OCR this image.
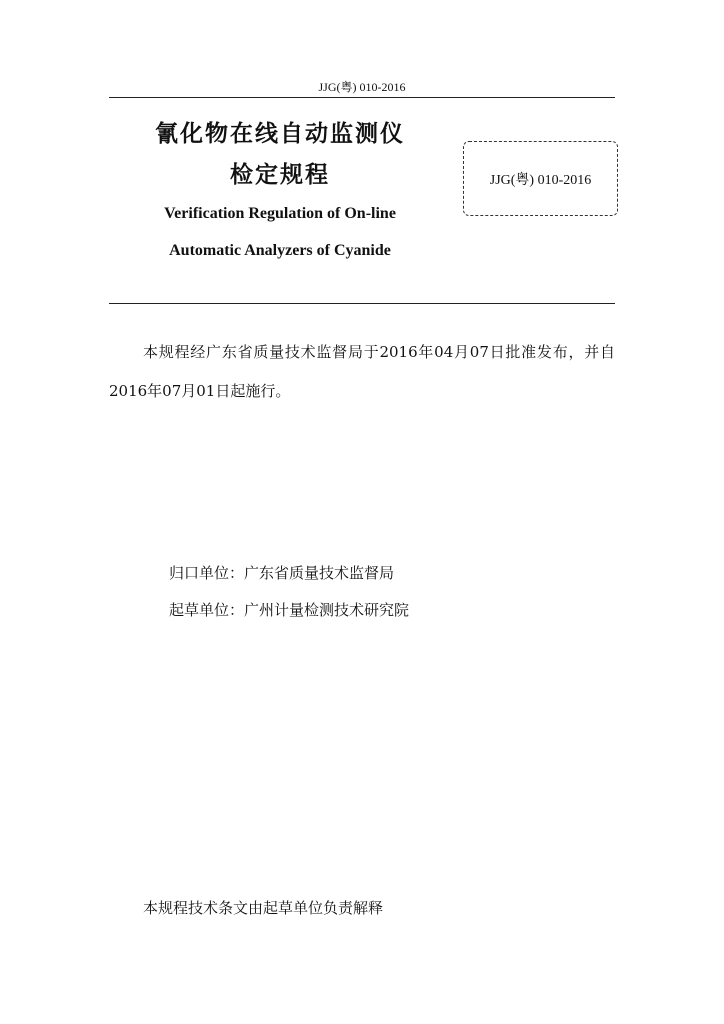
JJG(粤) 010-2016
氰化物在线自动监测仪
检定规程	JJG(粤) 010-2016
Verification Regulation of On-line
Automatic Analyzers of Cyanide
本规程经广东省质量技术监督局于2016年04月07日批准发布，并自2016年07月01日起施行。
归口单位：广东省质量技术监督局
起草单位：广州计量检测技术研究院
本规程技术条文由起草单位负责解释
